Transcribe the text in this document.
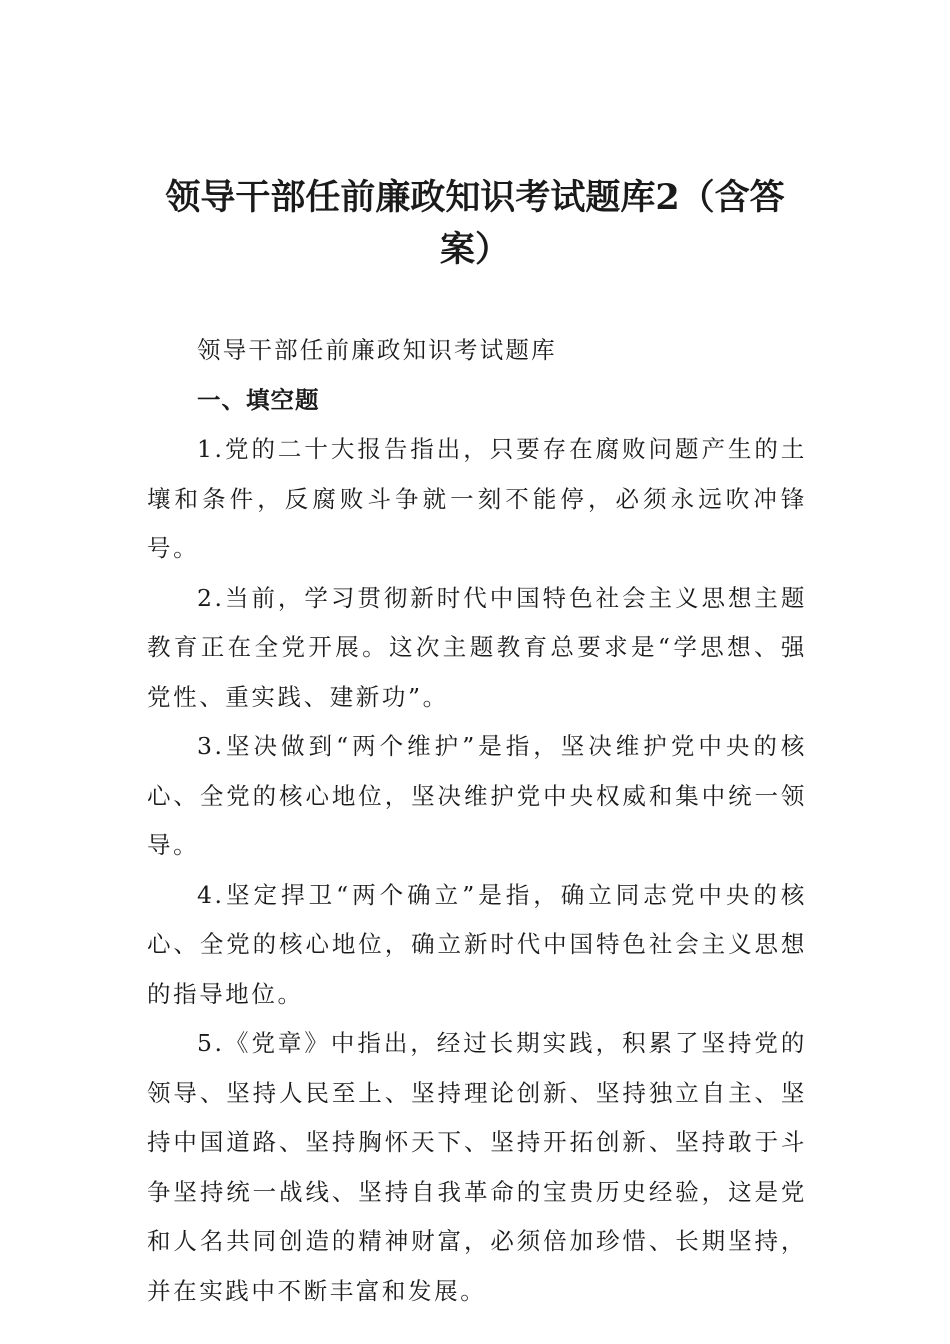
领导干部任前廉政知识考试题库2（含答案）

领导干部任前廉政知识考试题库

一、填空题

1.党的二十大报告指出，只要存在腐败问题产生的土壤和条件，反腐败斗争就一刻不能停，必须永远吹冲锋号。

2.当前，学习贯彻新时代中国特色社会主义思想主题教育正在全党开展。这次主题教育总要求是“学思想、强党性、重实践、建新功”。

3.坚决做到“两个维护”是指，坚决维护党中央的核心、全党的核心地位，坚决维护党中央权威和集中统一领导。

4.坚定捍卫“两个确立”是指，确立同志党中央的核心、全党的核心地位，确立新时代中国特色社会主义思想的指导地位。

5.《党章》中指出，经过长期实践，积累了坚持党的领导、坚持人民至上、坚持理论创新、坚持独立自主、坚持中国道路、坚持胸怀天下、坚持开拓创新、坚持敢于斗争坚持统一战线、坚持自我革命的宝贵历史经验，这是党和人名共同创造的精神财富，必须倍加珍惜、长期坚持，并在实践中不断丰富和发展。
